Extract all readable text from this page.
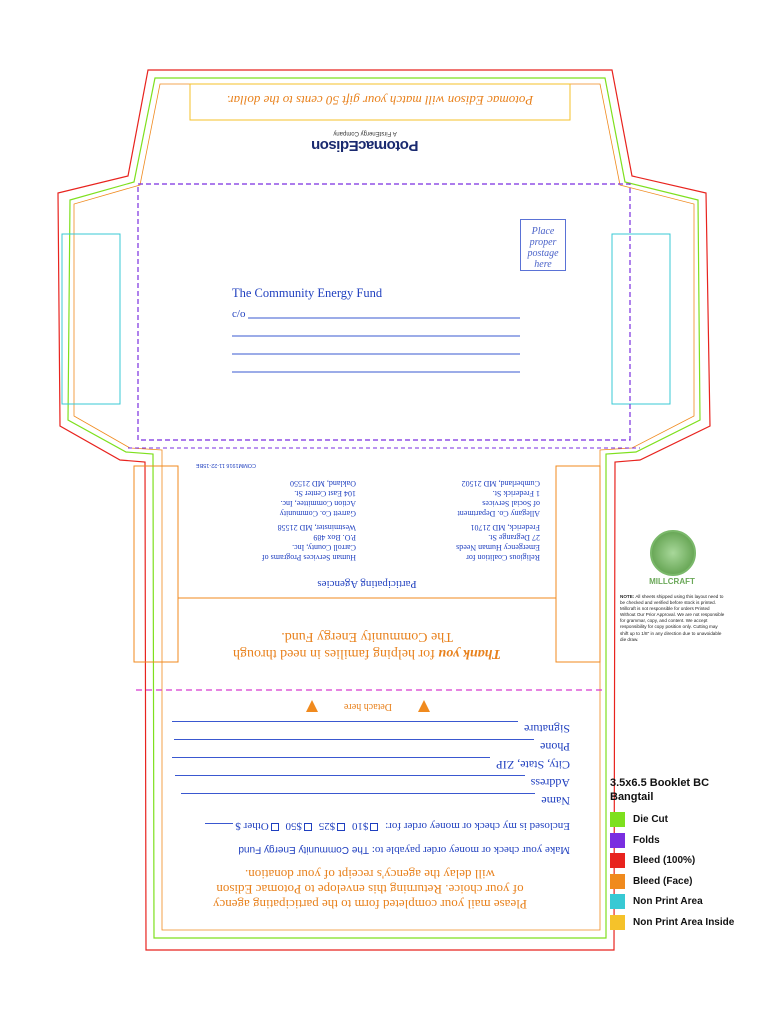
Potomac Edison will match your gift 50 cents to the dollar.
PotomacEdison
A FirstEnergy Company
Place proper postage here
The Community Energy Fund
c/o
COMM1916 11-22-15BE
Participating Agencies
Religious Coalition for
Emergency Human Needs
27 Degrange St.
Frederick, MD 21701
Human Services Programs of
Carroll County, Inc.
P.O. Box 489
Westminster, MD 21558
Allegany Co. Department
of Social Services
1 Frederick St.
Cumberland, MD 21502
Garrett Co. Community
Action Committee, Inc.
104 East Center St.
Oakland, MD 21550
Thank you for helping families in need through
The Community Energy Fund.
Detach here
Signature
Phone
City, State, ZIP
Address
Name
Enclosed is my check or money order for: $10 $25 $50 Other $
Make your check or money order payable to: The Community Energy Fund
Please mail your completed form to the participating agency
of your choice. Returning this envelope to Potomac Edison
will delay the agency's receipt of your donation.
MILLCRAFT
NOTE: All sheets shipped using this layout need to be checked and verified before stock is printed. Millcraft is not responsible for orders Printed Without Our Prior Approval. We are not responsible for grammar, copy, and content. We accept responsibility for copy position only. Cutting may shift up to 1/8" in any direction due to unavoidable die draw.
3.5x6.5 Booklet BC
Bangtail
Die Cut
Folds
Bleed (100%)
Bleed (Face)
Non Print Area
Non Print Area Inside
